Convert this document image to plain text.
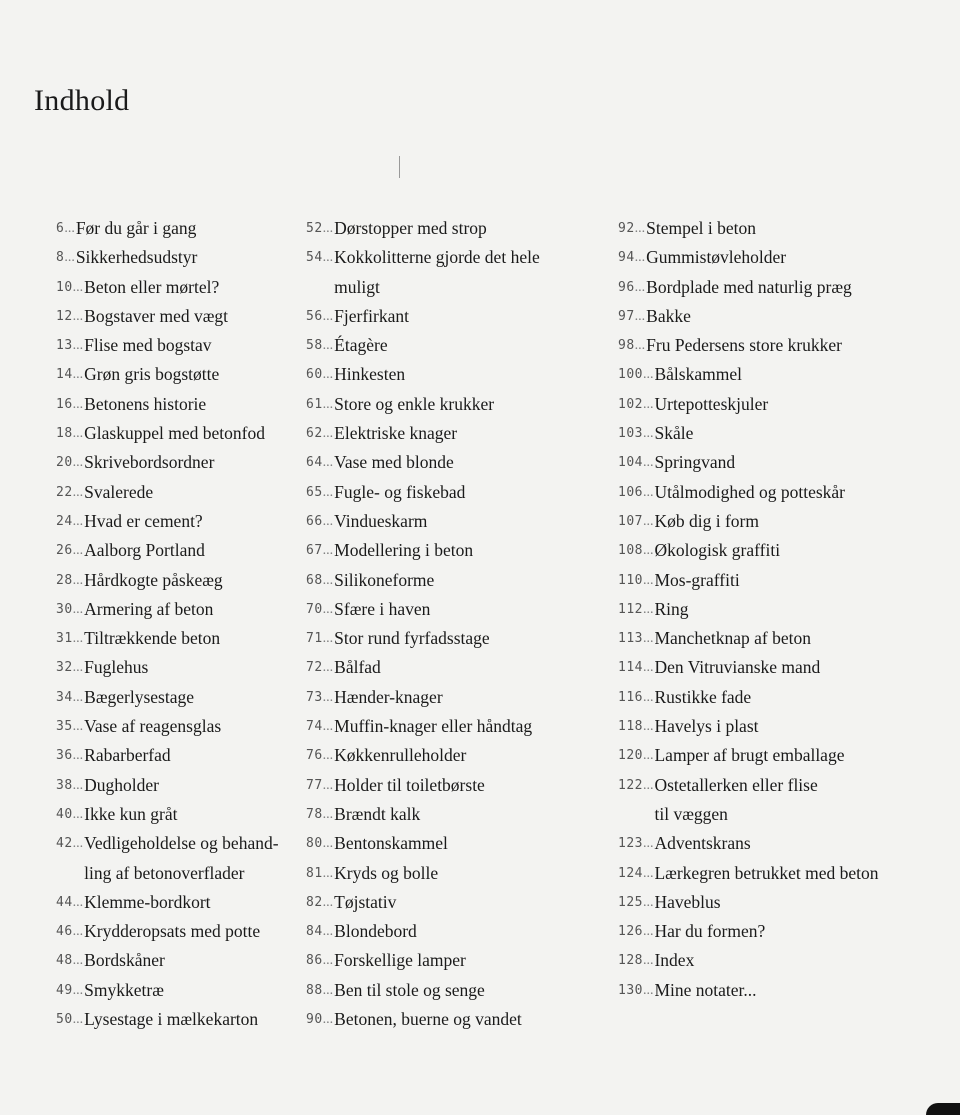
Indhold
6 ... Før du går i gang
8 ... Sikkerhedsudstyr
10 ... Beton eller mørtel?
12 ... Bogstaver med vægt
13 ... Flise med bogstav
14 ... Grøn gris bogstøtte
16 ... Betonens historie
18 ... Glaskuppel med betonfod
20 ... Skrivebordsordner
22 ... Svalerede
24 ... Hvad er cement?
26 ... Aalborg Portland
28 ... Hårdkogte påskeæg
30 ... Armering af beton
31 ... Tiltrækkende beton
32 ... Fuglehus
34 ... Bægerlysestage
35 ... Vase af reagensglas
36 ... Rabarberfad
38 ... Dugholder
40 ... Ikke kun gråt
42 ... Vedligeholdelse og behand-
ling af betonoverflader
44 ... Klemme-bordkort
46 ... Krydderopsats med potte
48 ... Bordskåner
49 ... Smykketræ
50 ... Lysestage i mælkekarton
52 ... Dørstopper med strop
54 ... Kokkolitterne gjorde det hele
muligt
56 ... Fjerfirkant
58 ... Étagère
60 ... Hinkesten
61 ... Store og enkle krukker
62 ... Elektriske knager
64 ... Vase med blonde
65 ... Fugle- og fiskebad
66 ... Vindueskarm
67 ... Modellering i beton
68 ... Silikoneforme
70 ... Sfære i haven
71 ... Stor rund fyrfadsstage
72 ... Bålfad
73 ... Hænder-knager
74 ... Muffin-knager eller håndtag
76 ... Køkkenrulleholder
77 ... Holder til toiletbørste
78 ... Brændt kalk
80 ... Bentonskammel
81 ... Kryds og bolle
82 ... Tøjstativ
84 ... Blondebord
86 ... Forskellige lamper
88 ... Ben til stole og senge
90 ... Betonen, buerne og vandet
92 ... Stempel i beton
94 ... Gummistøvleholder
96 ... Bordplade med naturlig præg
97 ... Bakke
98 ... Fru Pedersens store krukker
100 ... Bålskammel
102 ... Urtepotteskjuler
103 ... Skåle
104 ... Springvand
106 ... Utålmodighed og potteskår
107 ... Køb dig i form
108 ... Økologisk graffiti
110 ... Mos-graffiti
112 ... Ring
113 ... Manchetknap af beton
114 ... Den Vitruvianske mand
116 ... Rustikke fade
118 ... Havelys i plast
120 ... Lamper af brugt emballage
122 ... Ostetallerken eller flise
til væggen
123 ... Adventskrans
124 ... Lærkegren betrukket med beton
125 ... Haveblus
126 ... Har du formen?
128 ... Index
130 ... Mine notater...
